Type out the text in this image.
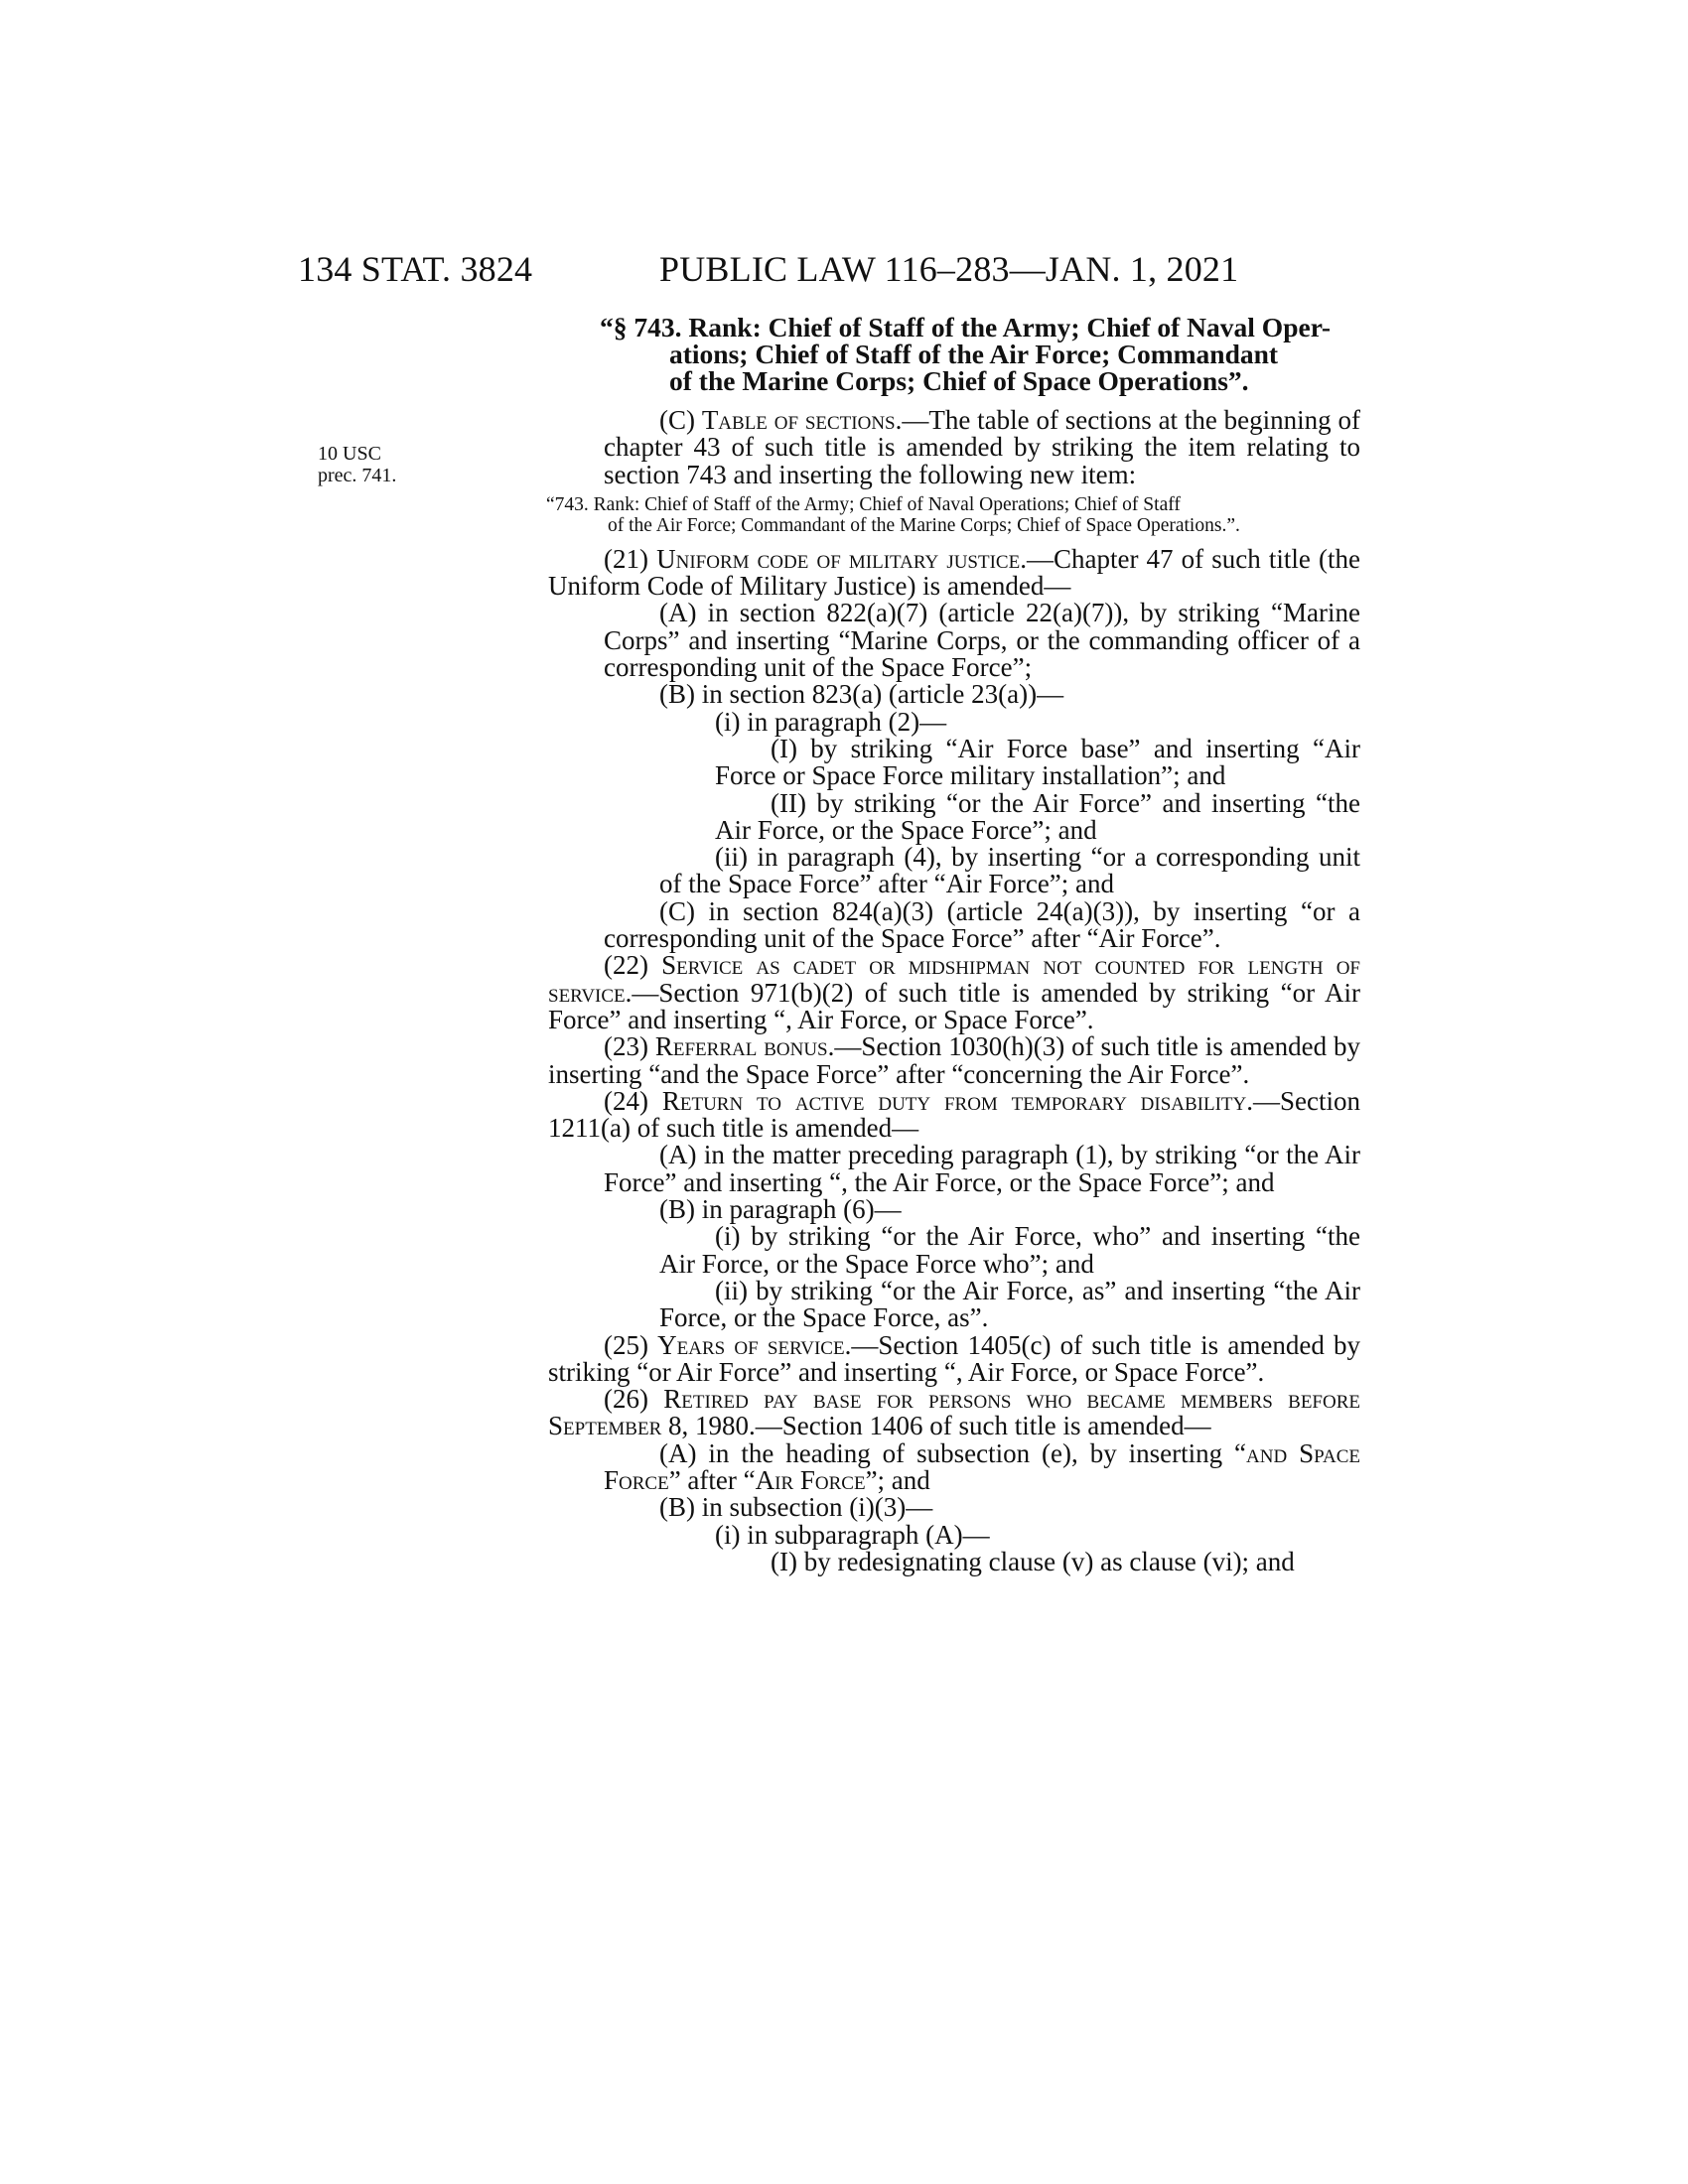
134 STAT. 3824	PUBLIC LAW 116–283—JAN. 1, 2021
“§ 743. Rank: Chief of Staff of the Army; Chief of Naval Oper-
ations; Chief of Staff of the Air Force; Commandant
of the Marine Corps; Chief of Space Operations”.
10 USC
prec. 741.

(C) Table of sections.—The table of sections at the beginning of chapter 43 of such title is amended by striking the item relating to section 743 and inserting the following new item:

“743. Rank: Chief of Staff of the Army; Chief of Naval Operations; Chief of Staff
of the Air Force; Commandant of the Marine Corps; Chief of Space Operations.”.

(21) Uniform code of military justice.—Chapter 47 of such title (the Uniform Code of Military Justice) is amended—

(A) in section 822(a)(7) (article 22(a)(7)), by striking “Marine Corps” and inserting “Marine Corps, or the commanding officer of a corresponding unit of the Space Force”;

(B) in section 823(a) (article 23(a))—

(i) in paragraph (2)—

(I) by striking “Air Force base” and inserting “Air Force or Space Force military installation”; and

(II) by striking “or the Air Force” and inserting “the Air Force, or the Space Force”; and

(ii) in paragraph (4), by inserting “or a corresponding unit of the Space Force” after “Air Force”; and

(C) in section 824(a)(3) (article 24(a)(3)), by inserting “or a corresponding unit of the Space Force” after “Air Force”.

(22) Service as cadet or midshipman not counted for length of service.—Section 971(b)(2) of such title is amended by striking “or Air Force” and inserting “, Air Force, or Space Force”.

(23) Referral bonus.—Section 1030(h)(3) of such title is amended by inserting “and the Space Force” after “concerning the Air Force”.

(24) Return to active duty from temporary disability.—Section 1211(a) of such title is amended—

(A) in the matter preceding paragraph (1), by striking “or the Air Force” and inserting “, the Air Force, or the Space Force”; and

(B) in paragraph (6)—

(i) by striking “or the Air Force, who” and inserting “the Air Force, or the Space Force who”; and

(ii) by striking “or the Air Force, as” and inserting “the Air Force, or the Space Force, as”.

(25) Years of service.—Section 1405(c) of such title is amended by striking “or Air Force” and inserting “, Air Force, or Space Force”.

(26) Retired pay base for persons who became members before September 8, 1980.—Section 1406 of such title is amended—

(A) in the heading of subsection (e), by inserting “and Space Force” after “Air Force”; and

(B) in subsection (i)(3)—

(i) in subparagraph (A)—

(I) by redesignating clause (v) as clause (vi); and
